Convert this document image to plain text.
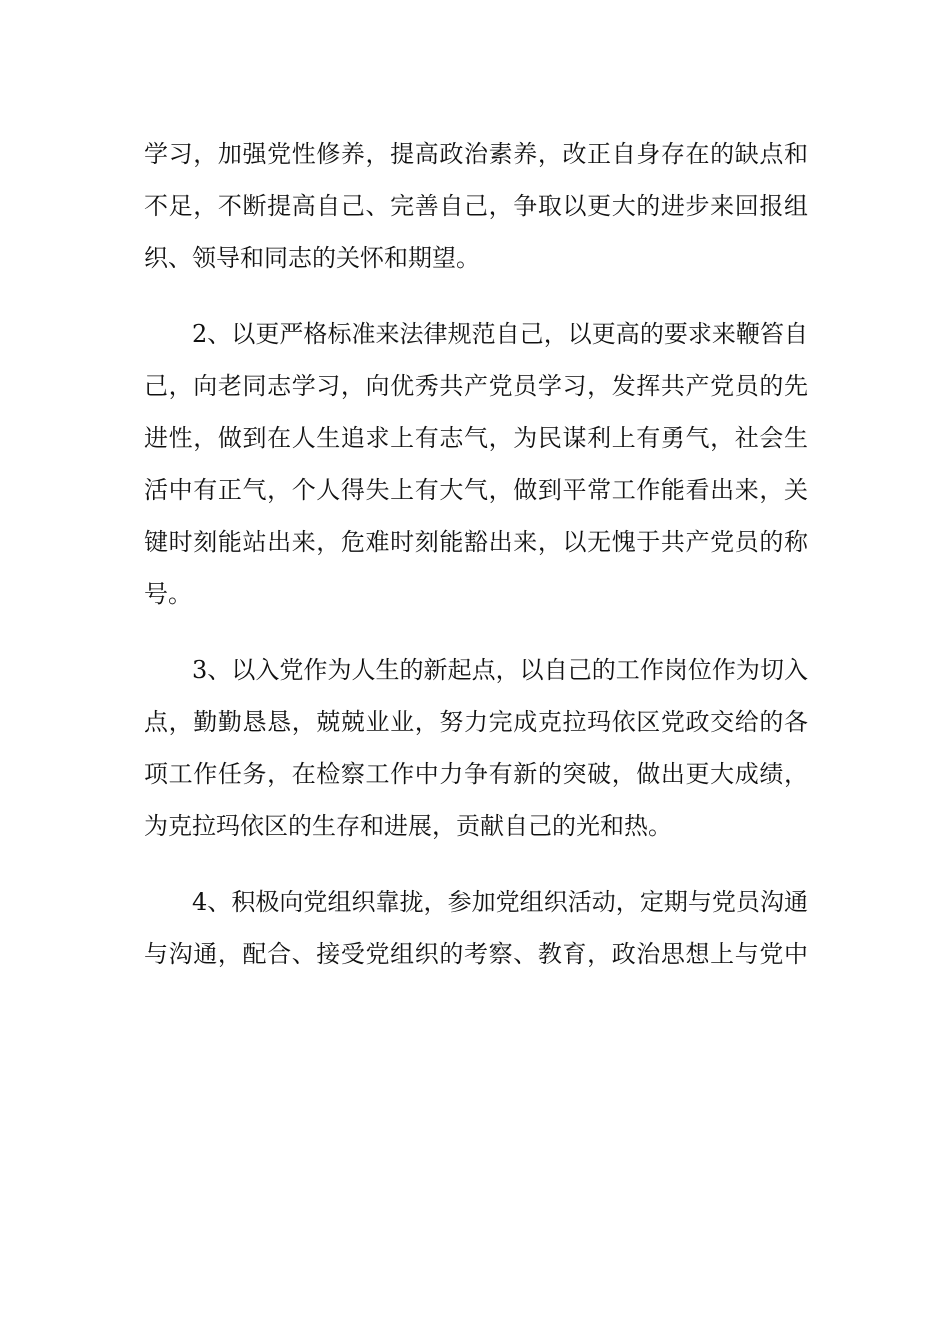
学习，加强党性修养，提高政治素养，改正自身存在的缺点和
不足，不断提高自己、完善自己，争取以更大的进步来回报组
织、领导和同志的关怀和期望。
2、以更严格标准来法律规范自己，以更高的要求来鞭笞自
己，向老同志学习，向优秀共产党员学习，发挥共产党员的先
进性，做到在人生追求上有志气，为民谋利上有勇气，社会生
活中有正气，个人得失上有大气，做到平常工作能看出来，关
键时刻能站出来，危难时刻能豁出来，以无愧于共产党员的称
号。
3、以入党作为人生的新起点，以自己的工作岗位作为切入
点，勤勤恳恳，兢兢业业，努力完成克拉玛依区党政交给的各
项工作任务，在检察工作中力争有新的突破，做出更大成绩，
为克拉玛依区的生存和进展，贡献自己的光和热。
4、积极向党组织靠拢，参加党组织活动，定期与党员沟通
与沟通，配合、接受党组织的考察、教育，政治思想上与党中
